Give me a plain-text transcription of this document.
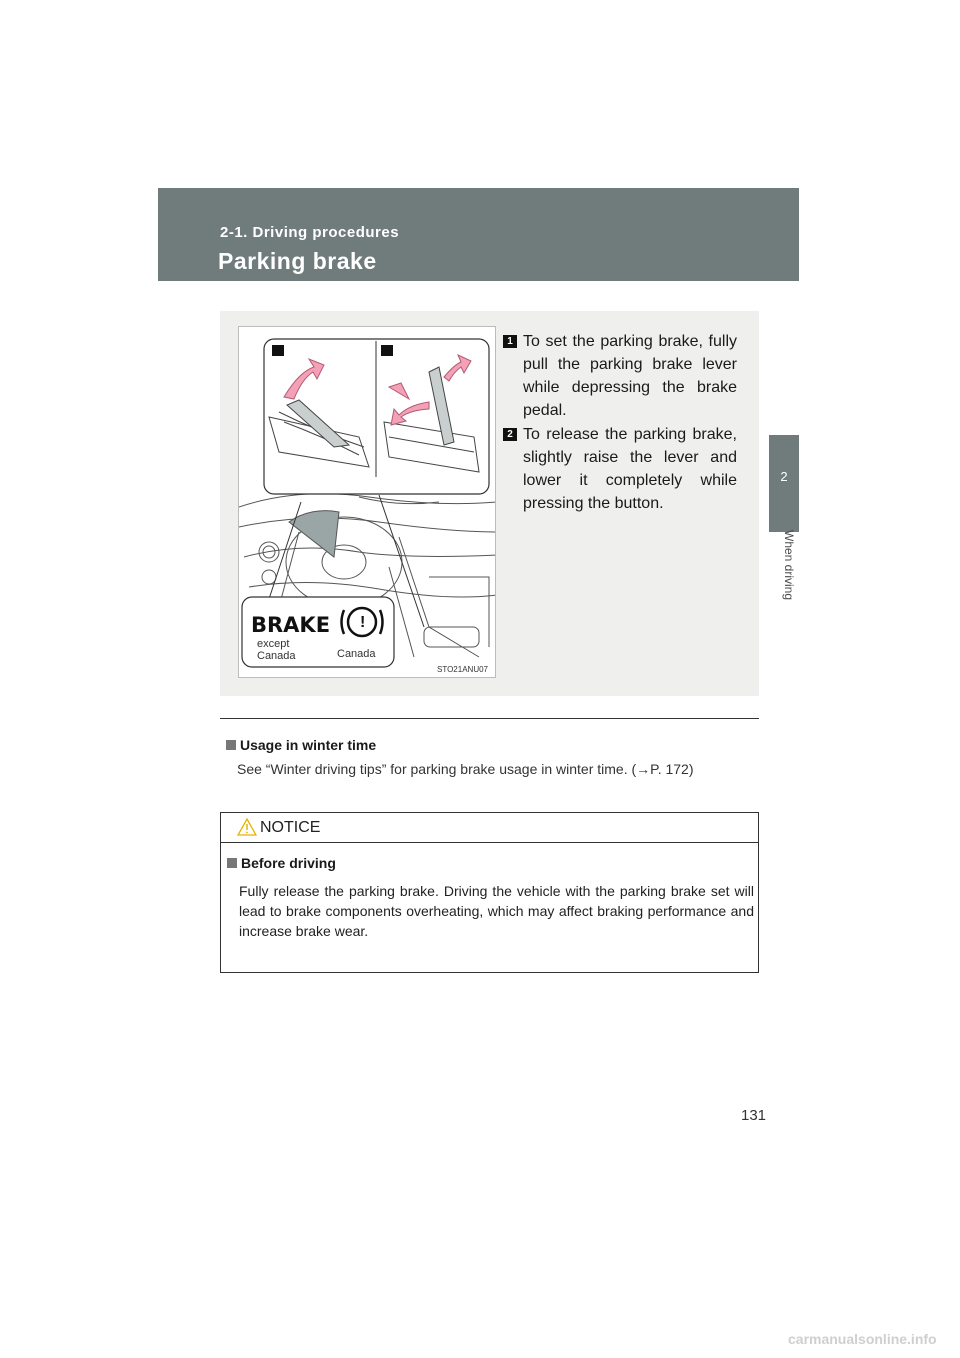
2-1. Driving procedures
Parking brake
2
When driving
BRAKE !
except
Canada	Canada
STO21ANU07
1 To set the parking brake, fully pull the parking brake lever while depressing the brake pedal.
2 To release the parking brake, slightly raise the lever and lower it completely while pressing the button.
Usage in winter time
See “Winter driving tips” for parking brake usage in winter time. (→P. 172)
NOTICE
Before driving
Fully release the parking brake. Driving the vehicle with the parking brake set will lead to brake components overheating, which may affect braking performance and increase brake wear.
131
carmanualsonline.info
